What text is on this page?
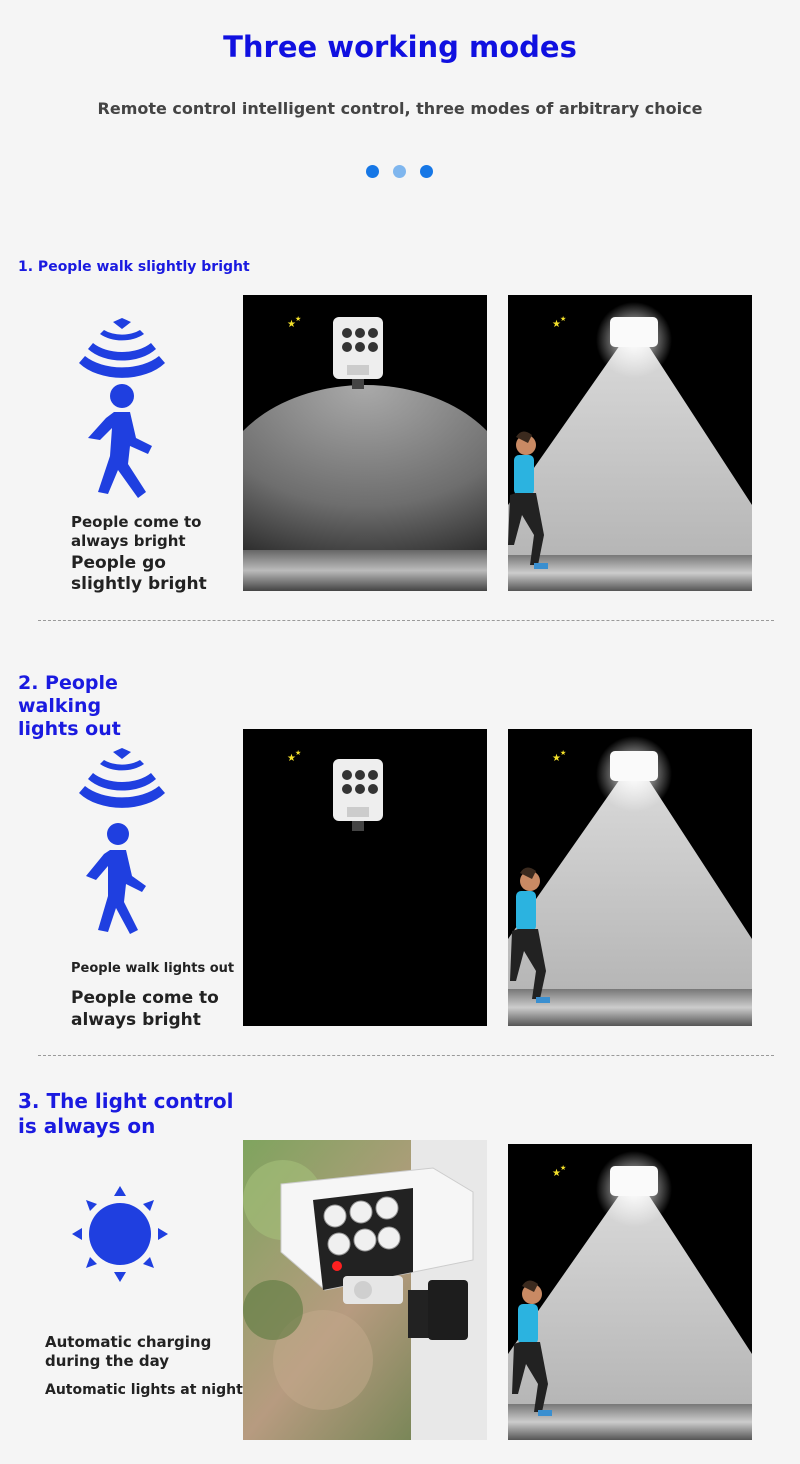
Three working modes
Remote control intelligent control, three modes of arbitrary choice
1. People walk slightly bright
People come to always bright
People go slightly bright
★ ★	★ ★
2. People walking lights out
People walk lights out
People come to always bright
★ ★	★ ★
3. The light control is always on
Automatic charging during the day
Automatic lights at night
★ ★
